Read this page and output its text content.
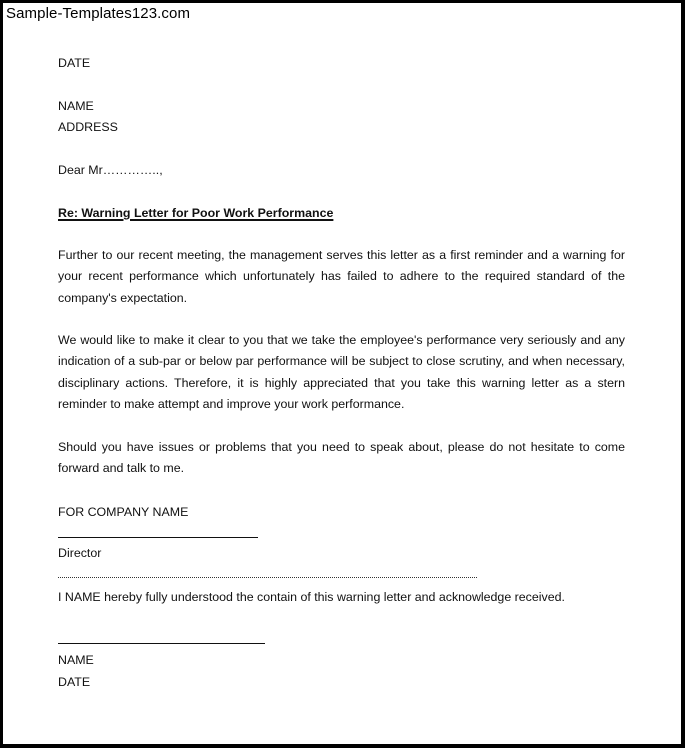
Sample-Templates123.com
DATE
NAME
ADDRESS
Dear Mr…………..,
Re: Warning Letter for Poor Work Performance
Further to our recent meeting, the management serves this letter as a first reminder and a warning for your recent performance which unfortunately has failed to adhere to the required standard of the company's expectation.
We would like to make it clear to you that we take the employee's performance very seriously and any indication of a sub-par or below par performance will be subject to close scrutiny, and when necessary, disciplinary actions. Therefore, it is highly appreciated that you take this warning letter as a stern reminder to make attempt and improve your work performance.
Should you have issues or problems that you need to speak about, please do not hesitate to come forward and talk to me.
FOR COMPANY NAME
Director
I NAME hereby fully understood the contain of this warning letter and acknowledge received.
NAME
DATE
